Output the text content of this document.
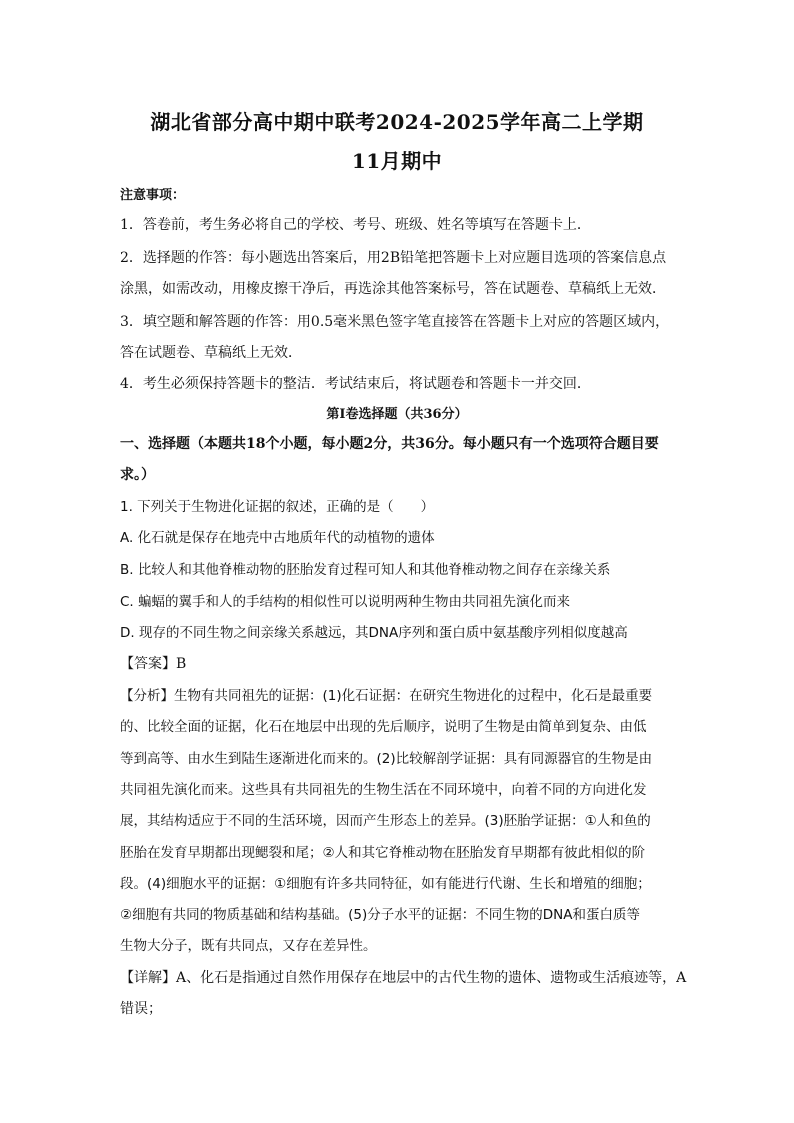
湖北省部分高中期中联考2024-2025学年高二上学期
11月期中
注意事项：
1．答卷前，考生务必将自己的学校、考号、班级、姓名等填写在答题卡上．
2．选择题的作答：每小题选出答案后，用2B铅笔把答题卡上对应题目选项的答案信息点
涂黑，如需改动，用橡皮擦干净后，再选涂其他答案标号，答在试题卷、草稿纸上无效．
3．填空题和解答题的作答：用0.5毫米黑色签字笔直接答在答题卡上对应的答题区域内，
答在试题卷、草稿纸上无效．
4．考生必须保持答题卡的整洁．考试结束后，将试题卷和答题卡一并交回．
第Ⅰ卷选择题（共36分）
一、选择题（本题共18个小题，每小题2分，共36分。每小题只有一个选项符合题目要
求。）
1. 下列关于生物进化证据的叙述，正确的是（　　）
A. 化石就是保存在地壳中古地质年代的动植物的遗体
B. 比较人和其他脊椎动物的胚胎发育过程可知人和其他脊椎动物之间存在亲缘关系
C. 蝙蝠的翼手和人的手结构的相似性可以说明两种生物由共同祖先演化而来
D. 现存的不同生物之间亲缘关系越远，其DNA序列和蛋白质中氨基酸序列相似度越高
【答案】B
【分析】生物有共同祖先的证据：(1)化石证据：在研究生物进化的过程中，化石是最重要
的、比较全面的证据，化石在地层中出现的先后顺序，说明了生物是由简单到复杂、由低
等到高等、由水生到陆生逐渐进化而来的。(2)比较解剖学证据：具有同源器官的生物是由
共同祖先演化而来。这些具有共同祖先的生物生活在不同环境中，向着不同的方向进化发
展，其结构适应于不同的生活环境，因而产生形态上的差异。(3)胚胎学证据：①人和鱼的
胚胎在发育早期都出现鳃裂和尾；②人和其它脊椎动物在胚胎发育早期都有彼此相似的阶
段。(4)细胞水平的证据：①细胞有许多共同特征，如有能进行代谢、生长和增殖的细胞；
②细胞有共同的物质基础和结构基础。(5)分子水平的证据：不同生物的DNA和蛋白质等
生物大分子，既有共同点，又存在差异性。
【详解】A、化石是指通过自然作用保存在地层中的古代生物的遗体、遗物或生活痕迹等，A
错误；
